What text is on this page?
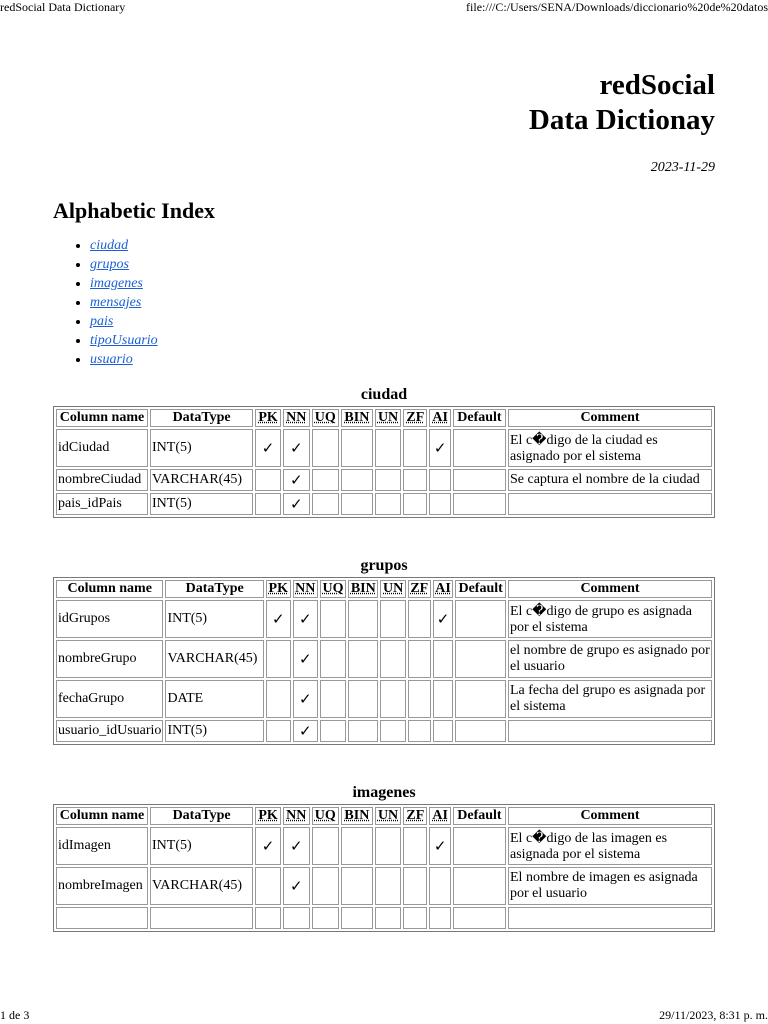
redSocial Data Dictionary	file:///C:/Users/SENA/Downloads/diccionario%20de%20datos
redSocial
Data Dictionay
2023-11-29
Alphabetic Index
• ciudad
• grupos
• imagenes
• mensajes
• pais
• tipoUsuario
• usuario
ciudad
Column name	DataType	PK	NN	UQ	BIN	UN	ZF	AI	Default	Comment
idCiudad	INT(5)	✓	✓					✓		El c�digo de la ciudad es asignado por el sistema
nombreCiudad	VARCHAR(45)		✓							Se captura el nombre de la ciudad
pais_idPais	INT(5)		✓							
grupos
Column name	DataType	PK	NN	UQ	BIN	UN	ZF	AI	Default	Comment
idGrupos	INT(5)	✓	✓					✓		El c�digo de grupo es asignada por el sistema
nombreGrupo	VARCHAR(45)		✓							el nombre de grupo es asignado por el usuario
fechaGrupo	DATE		✓							La fecha del grupo es asignada por el sistema
usuario_idUsuario	INT(5)		✓							
imagenes
Column name	DataType	PK	NN	UQ	BIN	UN	ZF	AI	Default	Comment
idImagen	INT(5)	✓	✓					✓		El c�digo de las imagen es asignada por el sistema
nombreImagen	VARCHAR(45)		✓							El nombre de imagen es asignada por el usuario

1 de 3	29/11/2023, 8:31 p. m.
